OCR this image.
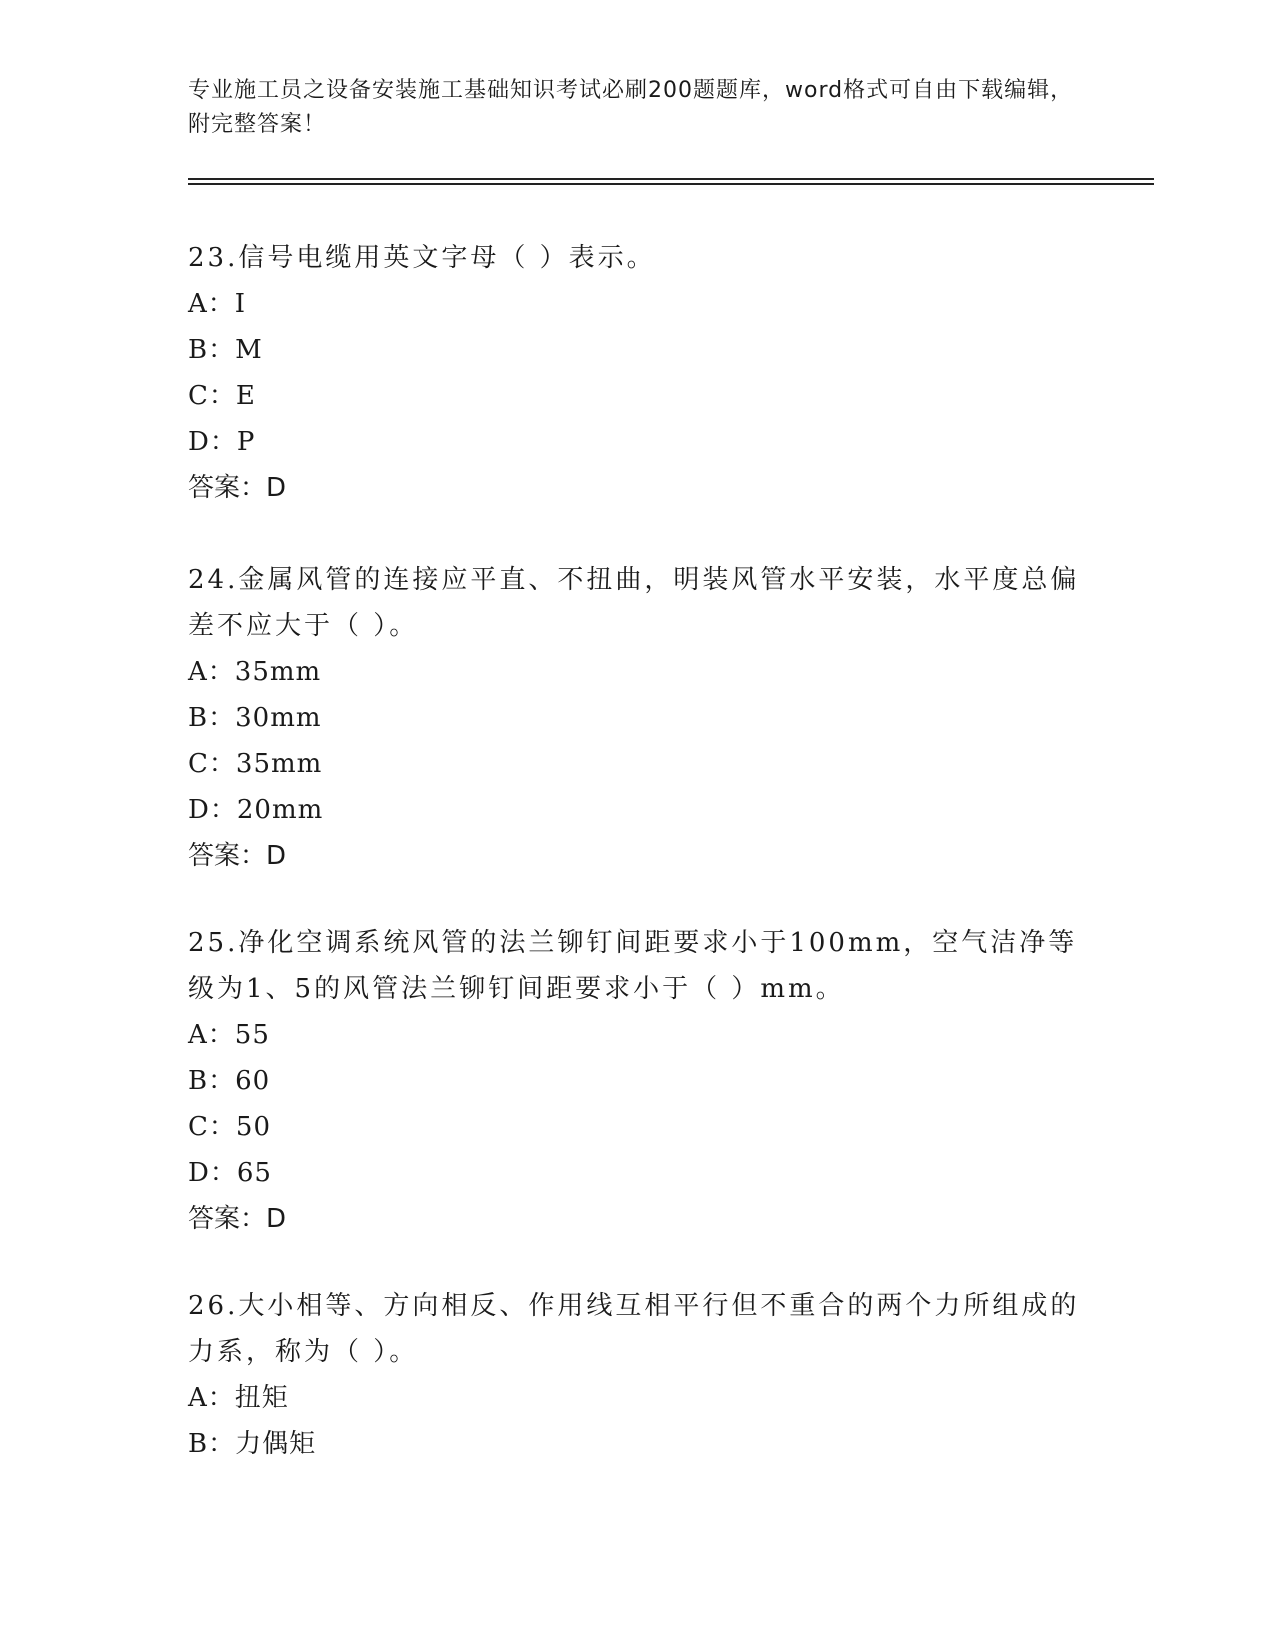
专业施工员之设备安装施工基础知识考试必刷200题题库，word格式可自由下载编辑，附完整答案！

23.信号电缆用英文字母（ ）表示。

A：I

B：M

C：E

D：P

答案：D

24.金属风管的连接应平直、不扭曲，明装风管水平安装，水平度总偏差不应大于（ ）。

A：35mm

B：30mm

C：35mm

D：20mm

答案：D

25.净化空调系统风管的法兰铆钉间距要求小于100mm，空气洁净等级为1、5的风管法兰铆钉间距要求小于（ ）mm。

A：55

B：60

C：50

D：65

答案：D

26.大小相等、方向相反、作用线互相平行但不重合的两个力所组成的力系，称为（ ）。

A：扭矩

B：力偶矩
